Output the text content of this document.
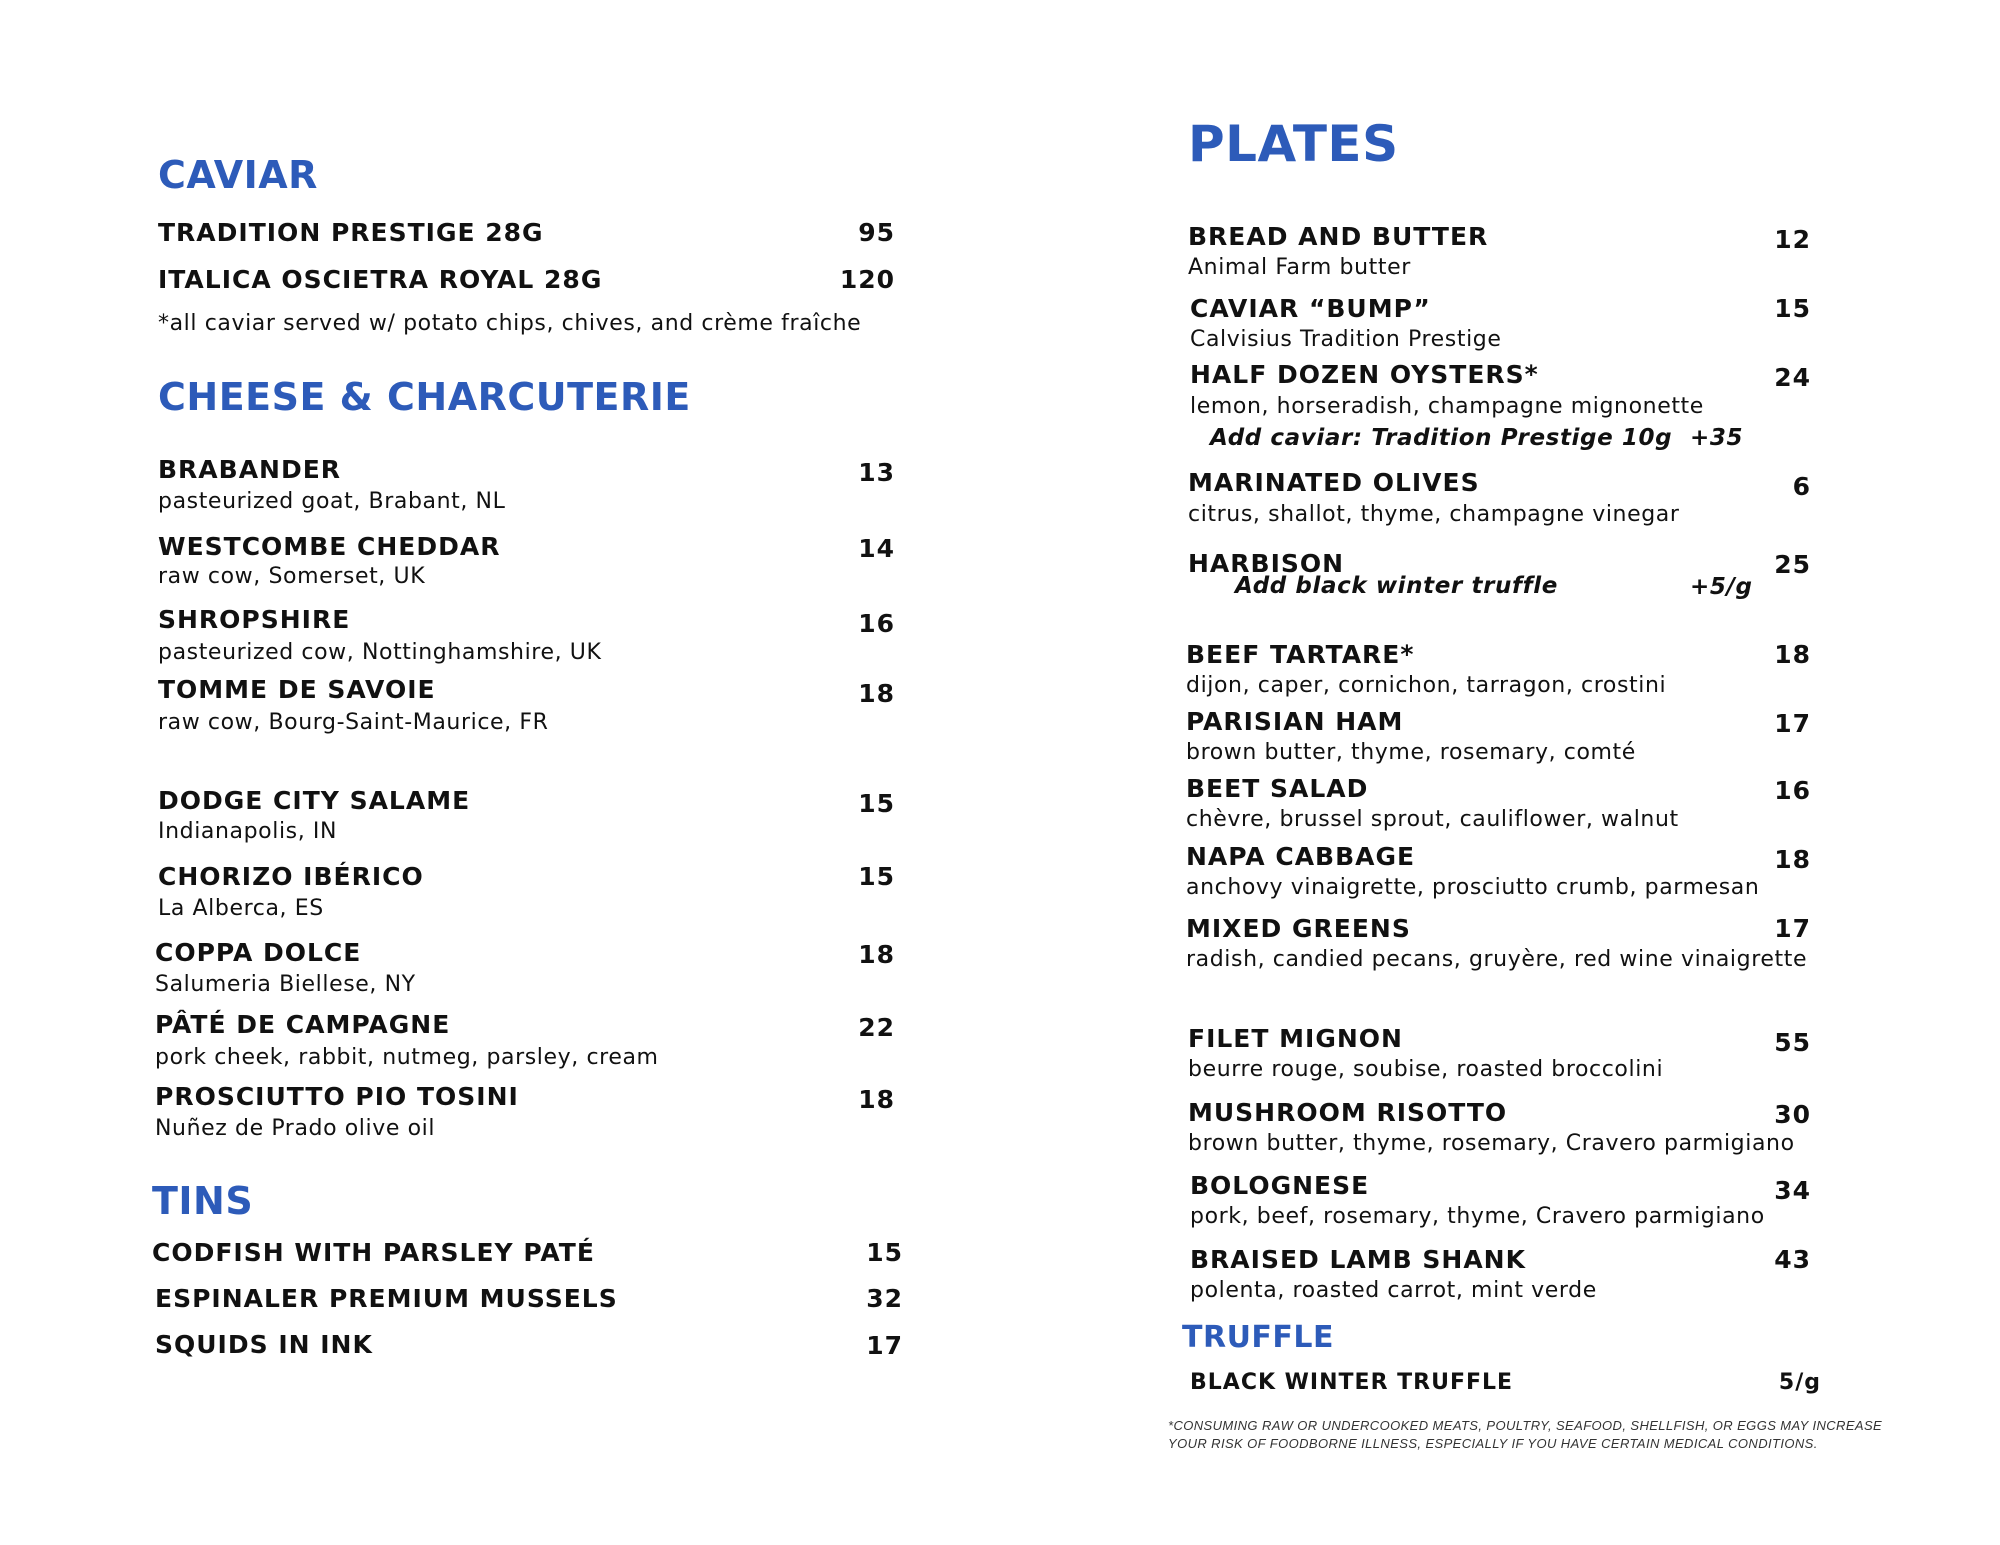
CAVIAR
TRADITION PRESTIGE 28G	95
ITALICA OSCIETRA ROYAL 28G	120
*all caviar served w/ potato chips, chives, and crème fraîche
CHEESE & CHARCUTERIE
BRABANDER
pasteurized goat, Brabant, NL
13
WESTCOMBE CHEDDAR
raw cow, Somerset, UK
14
SHROPSHIRE
pasteurized cow, Nottinghamshire, UK
16
TOMME DE SAVOIE
raw cow, Bourg-Saint-Maurice, FR
18
DODGE CITY SALAME
Indianapolis, IN
15
CHORIZO IBÉRICO
La Alberca, ES
15
COPPA DOLCE
Salumeria Biellese, NY
18
PÂTÉ DE CAMPAGNE
pork cheek, rabbit, nutmeg, parsley, cream
22
PROSCIUTTO PIO TOSINI
Nuñez de Prado olive oil
18
TINS
CODFISH WITH PARSLEY PATÉ	15
ESPINALER PREMIUM MUSSELS	32
SQUIDS IN INK	17
PLATES
BREAD AND BUTTER
Animal Farm butter
12
CAVIAR “BUMP”
Calvisius Tradition Prestige
15
HALF DOZEN OYSTERS*
lemon, horseradish, champagne mignonette
24
Add caviar: Tradition Prestige 10g +35
MARINATED OLIVES
citrus, shallot, thyme, champagne vinegar
6
HARBISON	25
Add black winter truffle	+5/g
BEEF TARTARE*
dijon, caper, cornichon, tarragon, crostini
18
PARISIAN HAM
brown butter, thyme, rosemary, comté
17
BEET SALAD
chèvre, brussel sprout, cauliflower, walnut
16
NAPA CABBAGE
anchovy vinaigrette, prosciutto crumb, parmesan
18
MIXED GREENS
radish, candied pecans, gruyère, red wine vinaigrette
17
FILET MIGNON
beurre rouge, soubise, roasted broccolini
55
MUSHROOM RISOTTO
brown butter, thyme, rosemary, Cravero parmigiano
30
BOLOGNESE
pork, beef, rosemary, thyme, Cravero parmigiano
34
BRAISED LAMB SHANK
polenta, roasted carrot, mint verde
43
TRUFFLE
BLACK WINTER TRUFFLE	5/g
*CONSUMING RAW OR UNDERCOOKED MEATS, POULTRY, SEAFOOD, SHELLFISH, OR EGGS MAY INCREASE
YOUR RISK OF FOODBORNE ILLNESS, ESPECIALLY IF YOU HAVE CERTAIN MEDICAL CONDITIONS.
